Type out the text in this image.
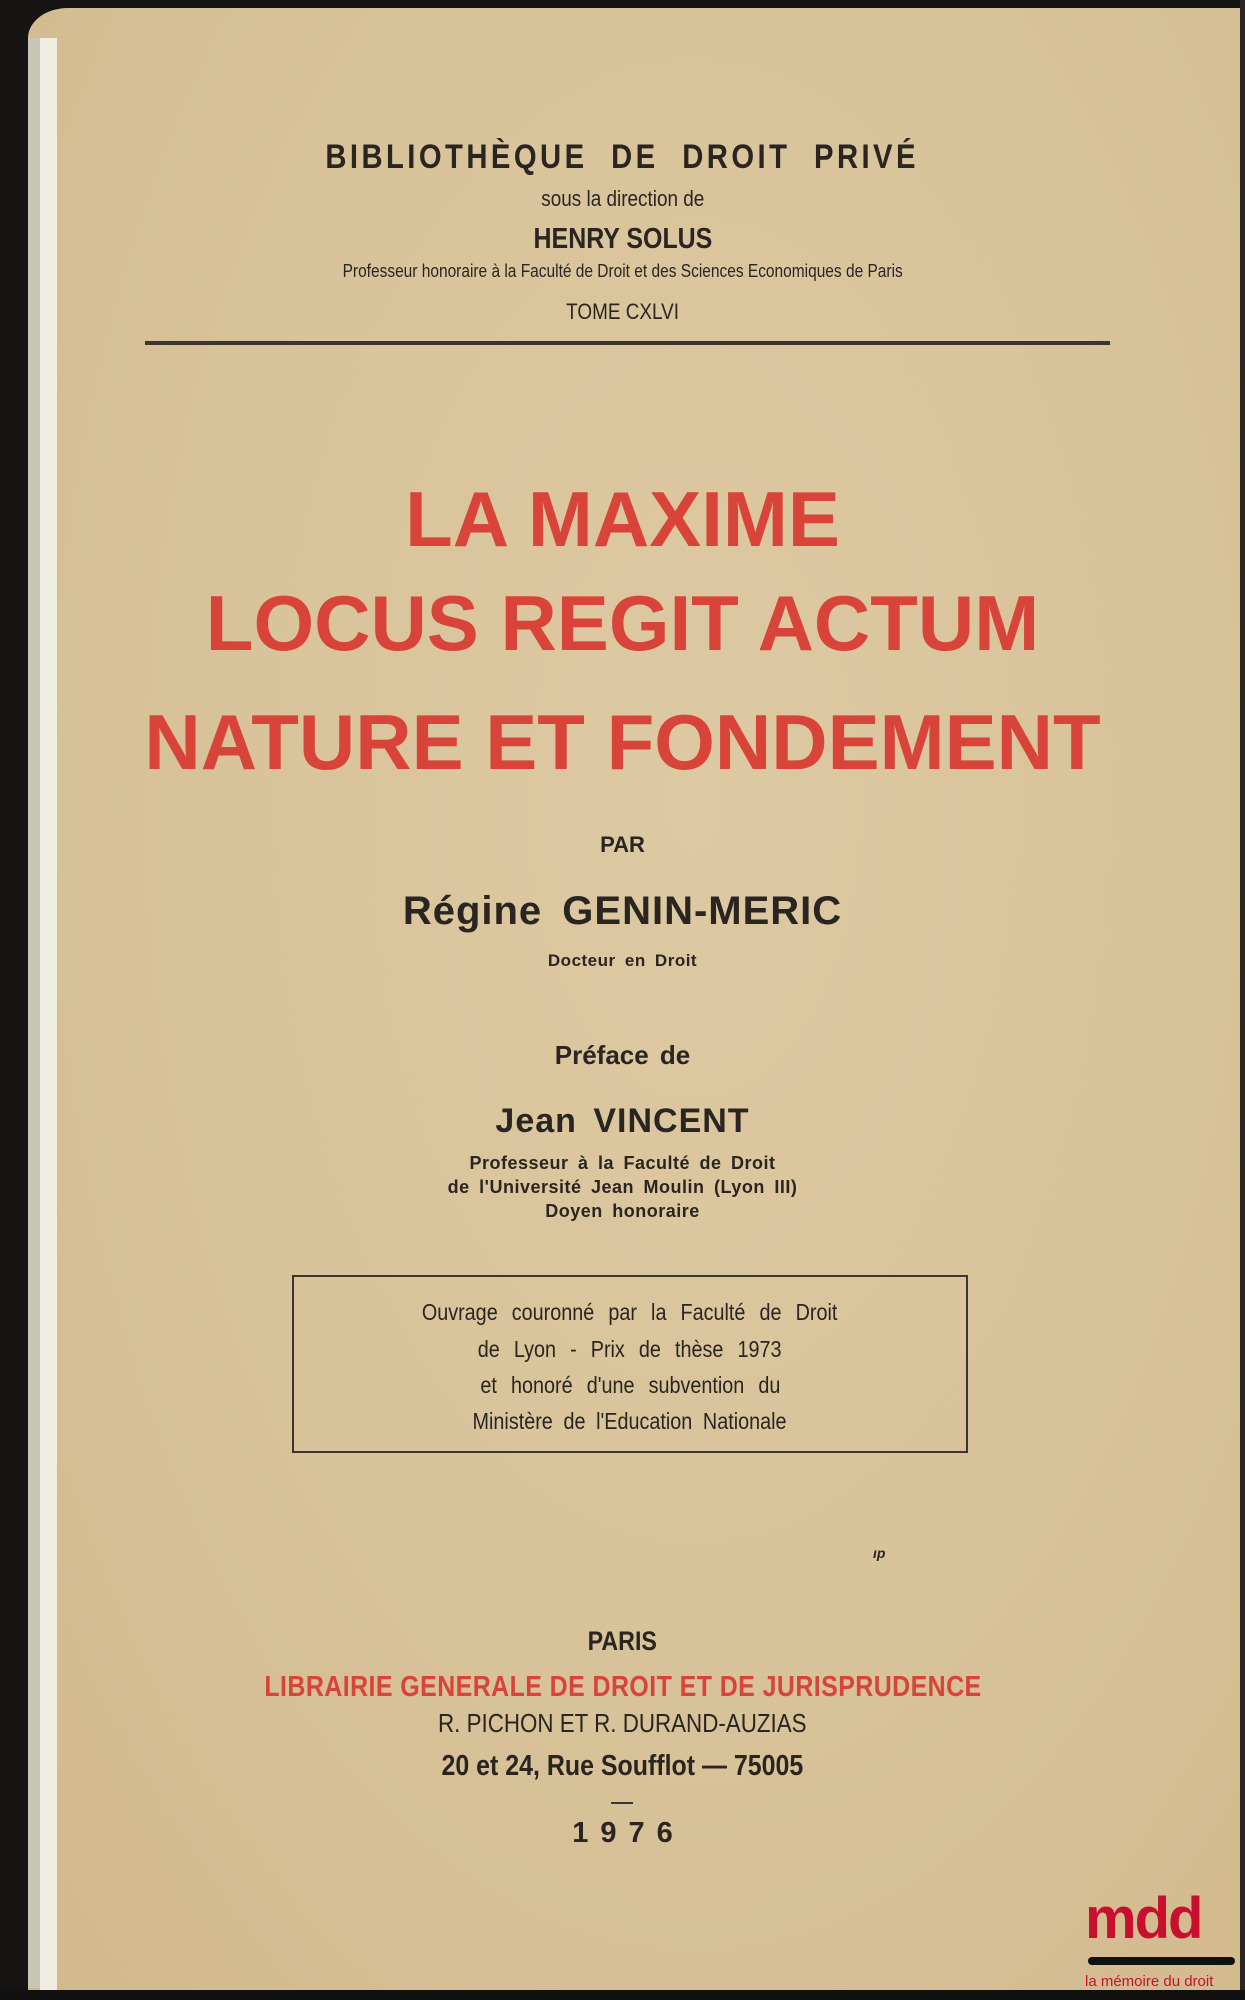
BIBLIOTHÈQUE DE DROIT PRIVÉ
sous la direction de
HENRY SOLUS
Professeur honoraire à la Faculté de Droit et des Sciences Economiques de Paris
TOME CXLVI
LA MAXIME
LOCUS REGIT ACTUM
NATURE ET FONDEMENT
PAR
Régine GENIN-MERIC
Docteur en Droit
Préface de
Jean VINCENT
Professeur à la Faculté de Droit
de l'Université Jean Moulin (Lyon III)
Doyen honoraire
Ouvrage couronné par la Faculté de Droit
de Lyon - Prix de thèse 1973
et honoré d'une subvention du
Ministère de l'Education Nationale
ıp
PARIS
LIBRAIRIE GENERALE DE DROIT ET DE JURISPRUDENCE
R. PICHON ET R. DURAND-AUZIAS
20 et 24, Rue Soufflot — 75005
1976
mdd
la mémoire du droit
